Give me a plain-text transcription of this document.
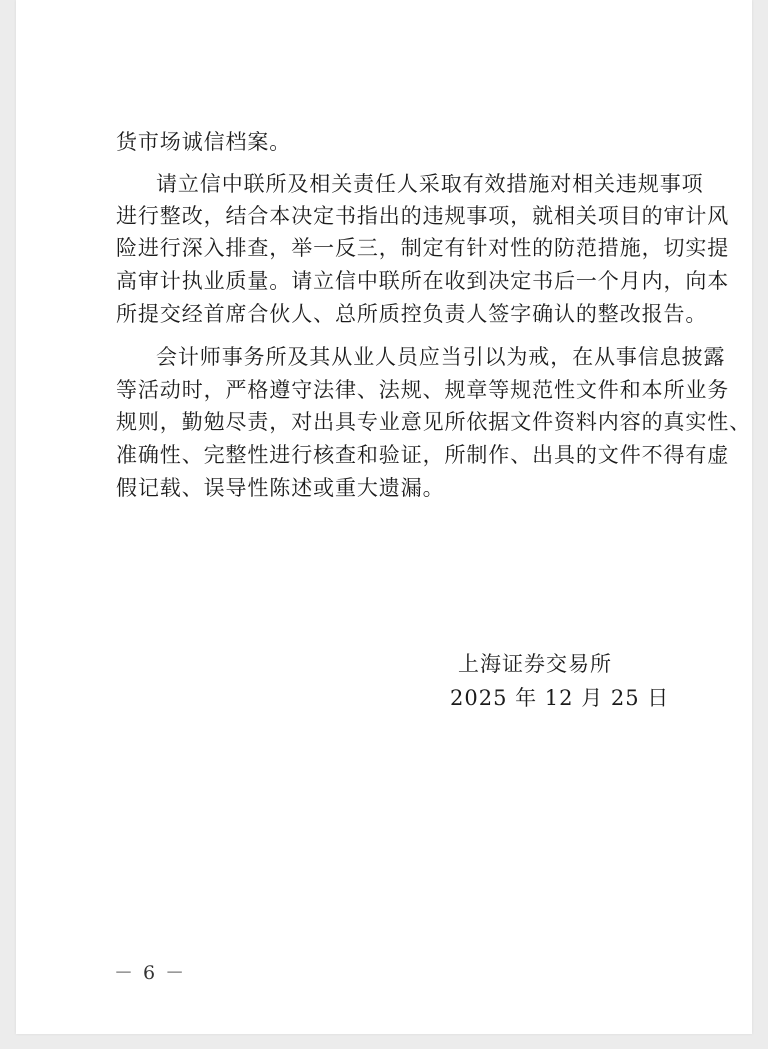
货市场诚信档案。
请立信中联所及相关责任人采取有效措施对相关违规事项
进行整改，结合本决定书指出的违规事项，就相关项目的审计风
险进行深入排查，举一反三，制定有针对性的防范措施，切实提
高审计执业质量。请立信中联所在收到决定书后一个月内，向本
所提交经首席合伙人、总所质控负责人签字确认的整改报告。
会计师事务所及其从业人员应当引以为戒，在从事信息披露
等活动时，严格遵守法律、法规、规章等规范性文件和本所业务
规则，勤勉尽责，对出具专业意见所依据文件资料内容的真实性、
准确性、完整性进行核查和验证，所制作、出具的文件不得有虚
假记载、误导性陈述或重大遗漏。
上海证券交易所
2025 年 12 月 25 日
－ 6 －
